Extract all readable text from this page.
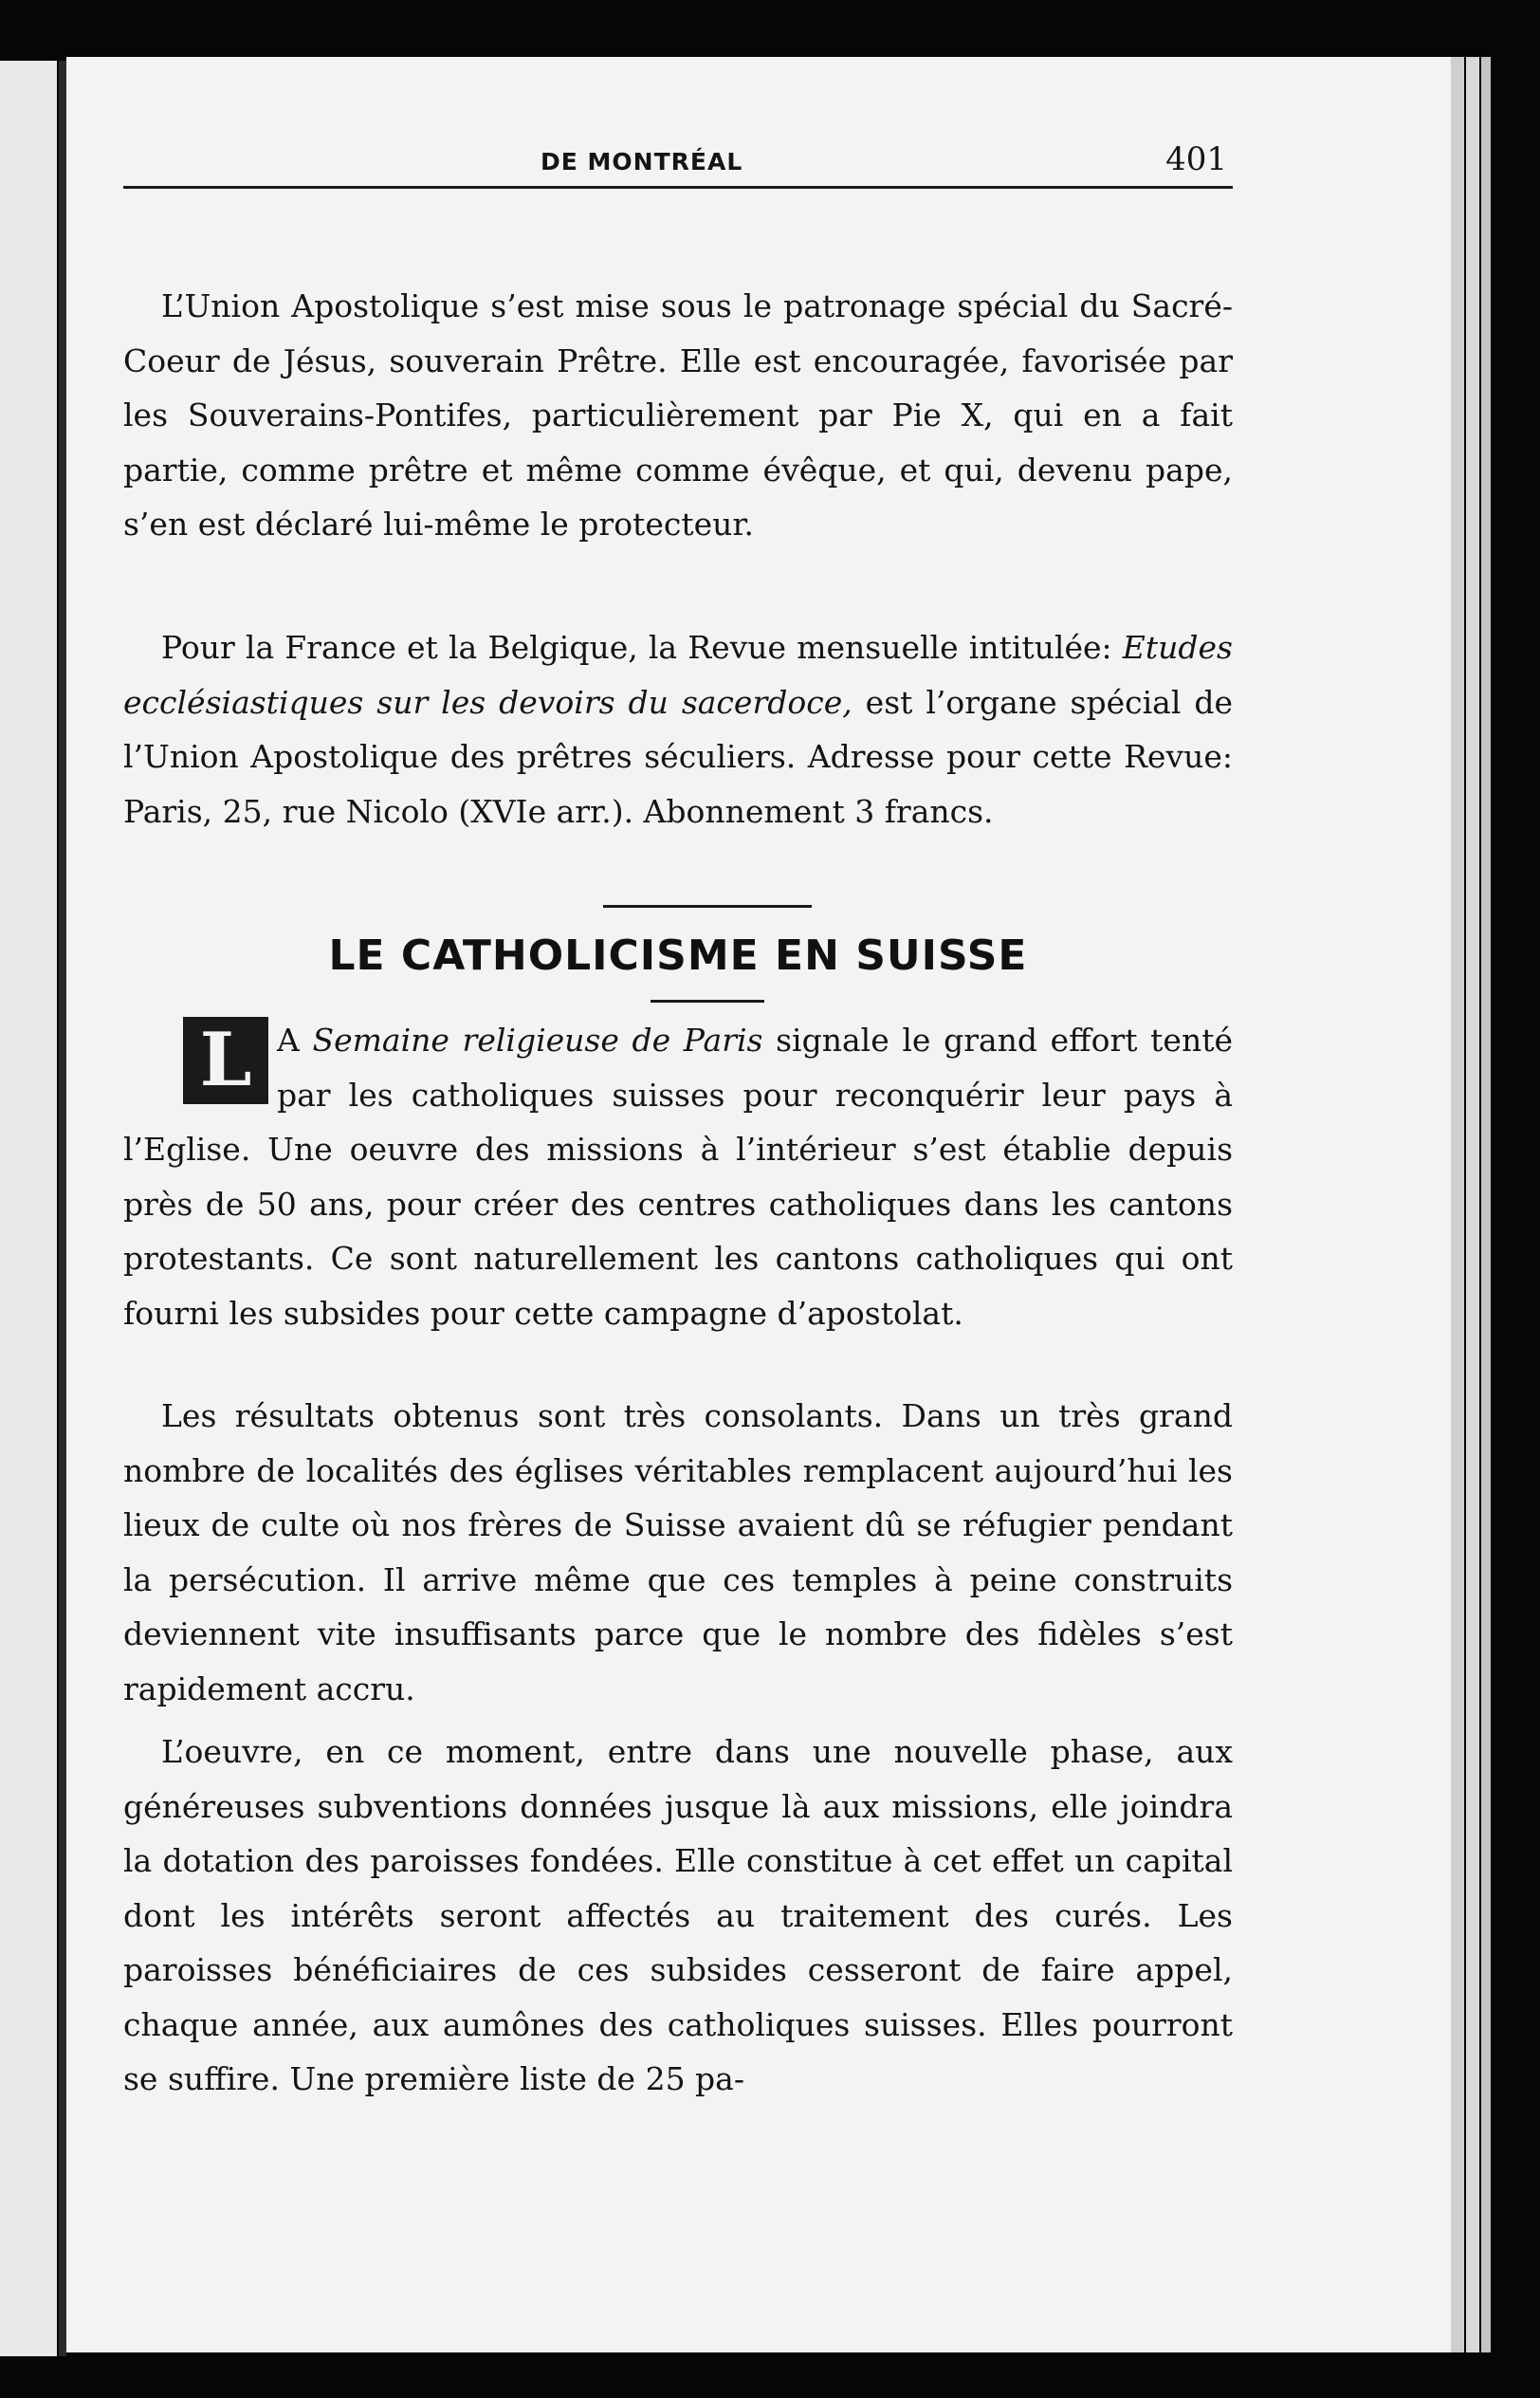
DE MONTRÉAL	401

L’Union Apostolique s’est mise sous le patronage spécial du Sacré-Coeur de Jésus, souverain Prêtre. Elle est encouragée, favorisée par les Souverains-Pontifes, particulièrement par Pie X, qui en a fait partie, comme prêtre et même comme évêque, et qui, devenu pape, s’en est déclaré lui-même le protecteur.

Pour la France et la Belgique, la Revue mensuelle intitulée: Etudes ecclésiastiques sur les devoirs du sacerdoce, est l’organe spécial de l’Union Apostolique des prêtres séculiers. Adresse pour cette Revue: Paris, 25, rue Nicolo (XVIe arr.). Abonnement 3 francs.

LE CATHOLICISME EN SUISSE

A Semaine religieuse de Paris signale le grand effort tenté par les catholiques suisses pour reconquérir leur pays à l’Eglise. Une oeuvre des missions à l’intérieur s’est établie depuis près de 50 ans, pour créer des centres catholiques dans les cantons protestants. Ce sont naturellement les cantons catholiques qui ont fourni les subsides pour cette campagne d’apostolat.

L

Les résultats obtenus sont très consolants. Dans un très grand nombre de localités des églises véritables remplacent aujourd’hui les lieux de culte où nos frères de Suisse avaient dû se réfugier pendant la persécution. Il arrive même que ces temples à peine construits deviennent vite insuffisants parce que le nombre des fidèles s’est rapidement accru.

L’oeuvre, en ce moment, entre dans une nouvelle phase, aux généreuses subventions données jusque là aux missions, elle joindra la dotation des paroisses fondées. Elle constitue à cet effet un capital dont les intérêts seront affectés au traitement des curés. Les paroisses bénéficiaires de ces subsides cesseront de faire appel, chaque année, aux aumônes des catholiques suisses. Elles pourront se suffire. Une première liste de 25 pa-
